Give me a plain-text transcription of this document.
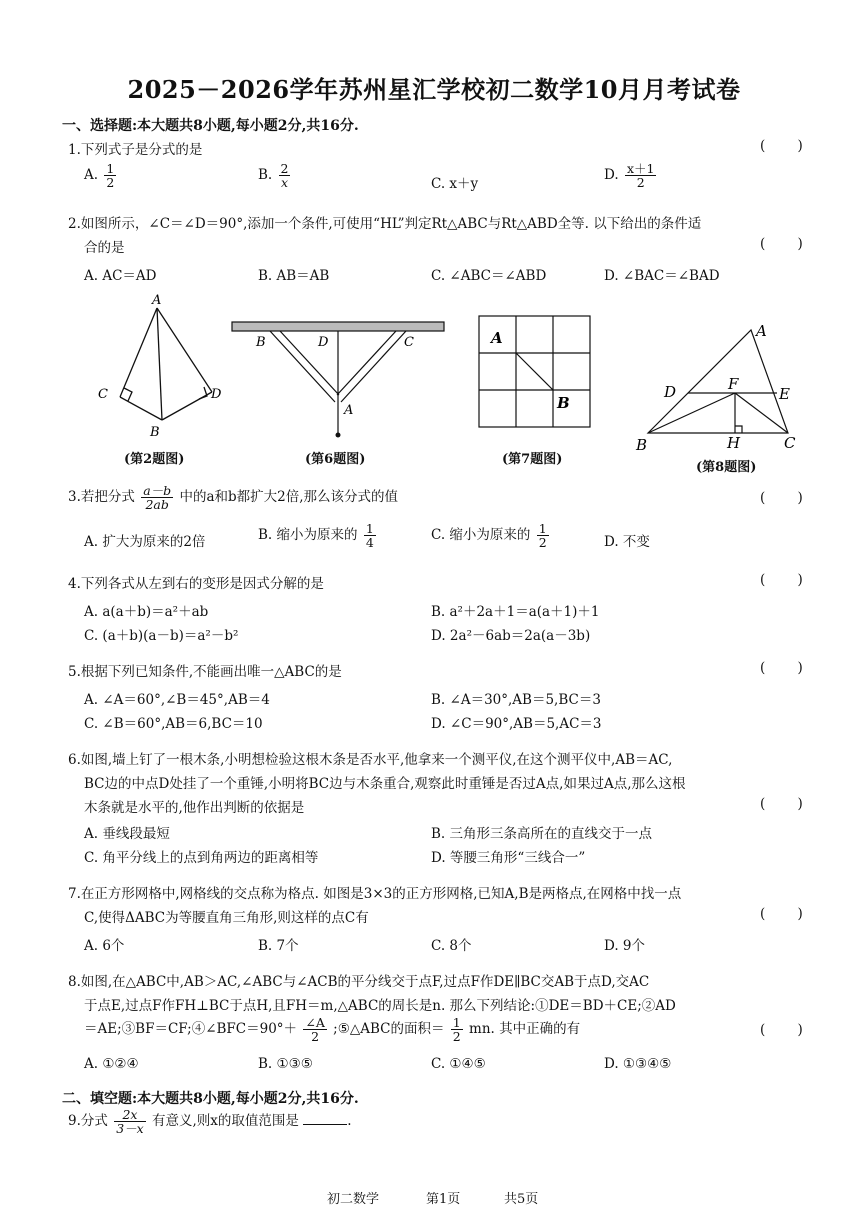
2025－2026学年苏州星汇学校初二数学10月月考试卷
一、选择题:本大题共8小题,每小题2分,共16分.
1.下列式子是分式的是	( )
A. $\frac{1}{2}$	B. $\frac{2}{x}$	C. x＋y
D. $\frac{x+1}{2}$
2.如图所示，∠C＝∠D＝90°,添加一个条件,可使用“HL”判定Rt△ABC与Rt△ABD全等. 以下给出的条件适
合的是	( )
A. AC＝AD	B. AB＝AB	C. ∠ABC＝∠ABD	D. ∠BAC＝∠BAD
A
C	D
B
(第2题图)
B	D	C
A
(第6题图)
A
B
(第7题图)
A
D	F
E
B	H	C
(第8题图)
3.若把分式 $\frac{a-b}{2ab}$ 中的a和b都扩大2倍,那么该分式的值	( )
A. 扩大为原来的2倍	B. 缩小为原来的 $\frac{1}{4}$	C. 缩小为原来的 $\frac{1}{2}$	D. 不变
4.下列各式从左到右的变形是因式分解的是	( )
A. a(a＋b)＝a²＋ab	B. a²＋2a＋1＝a(a＋1)＋1
C. (a＋b)(a－b)＝a²－b²	D. 2a²－6ab＝2a(a－3b)
5.根据下列已知条件,不能画出唯一△ABC的是	( )
A. ∠A＝60°,∠B＝45°,AB＝4	B. ∠A＝30°,AB＝5,BC＝3
C. ∠B＝60°,AB＝6,BC＝10	D. ∠C＝90°,AB＝5,AC＝3
6.如图,墙上钉了一根木条,小明想检验这根木条是否水平,他拿来一个测平仪,在这个测平仪中,AB＝AC,
BC边的中点D处挂了一个重锤,小明将BC边与木条重合,观察此时重锤是否过A点,如果过A点,那么这根
木条就是水平的,他作出判断的依据是	( )
A. 垂线段最短	B. 三角形三条高所在的直线交于一点
C. 角平分线上的点到角两边的距离相等	D. 等腰三角形“三线合一”
7.在正方形网格中,网格线的交点称为格点. 如图是3×3的正方形网格,已知A,B是两格点,在网格中找一点
C,使得ΔABC为等腰直角三角形,则这样的点C有	( )
A. 6个	B. 7个	C. 8个	D. 9个
8.如图,在△ABC中,AB＞AC,∠ABC与∠ACB的平分线交于点F,过点F作DE∥BC交AB于点D,交AC
于点E,过点F作FH⊥BC于点H,且FH＝m,△ABC的周长是n. 那么下列结论:①DE＝BD＋CE;②AD
＝AE;③BF＝CF;④∠BFC＝90°＋ $\frac{\angle A}{2}$ ;⑤△ABC的面积＝ $\frac{1}{2}$ mn. 其中正确的有	( )
A. ①②④	B. ①③⑤	C. ①④⑤	D. ①③④⑤
二、填空题:本大题共8小题,每小题2分,共16分.
9.分式 $\frac{2x}{3-x}$ 有意义,则x的取值范围是	.
初二数学	第1页	共5页
